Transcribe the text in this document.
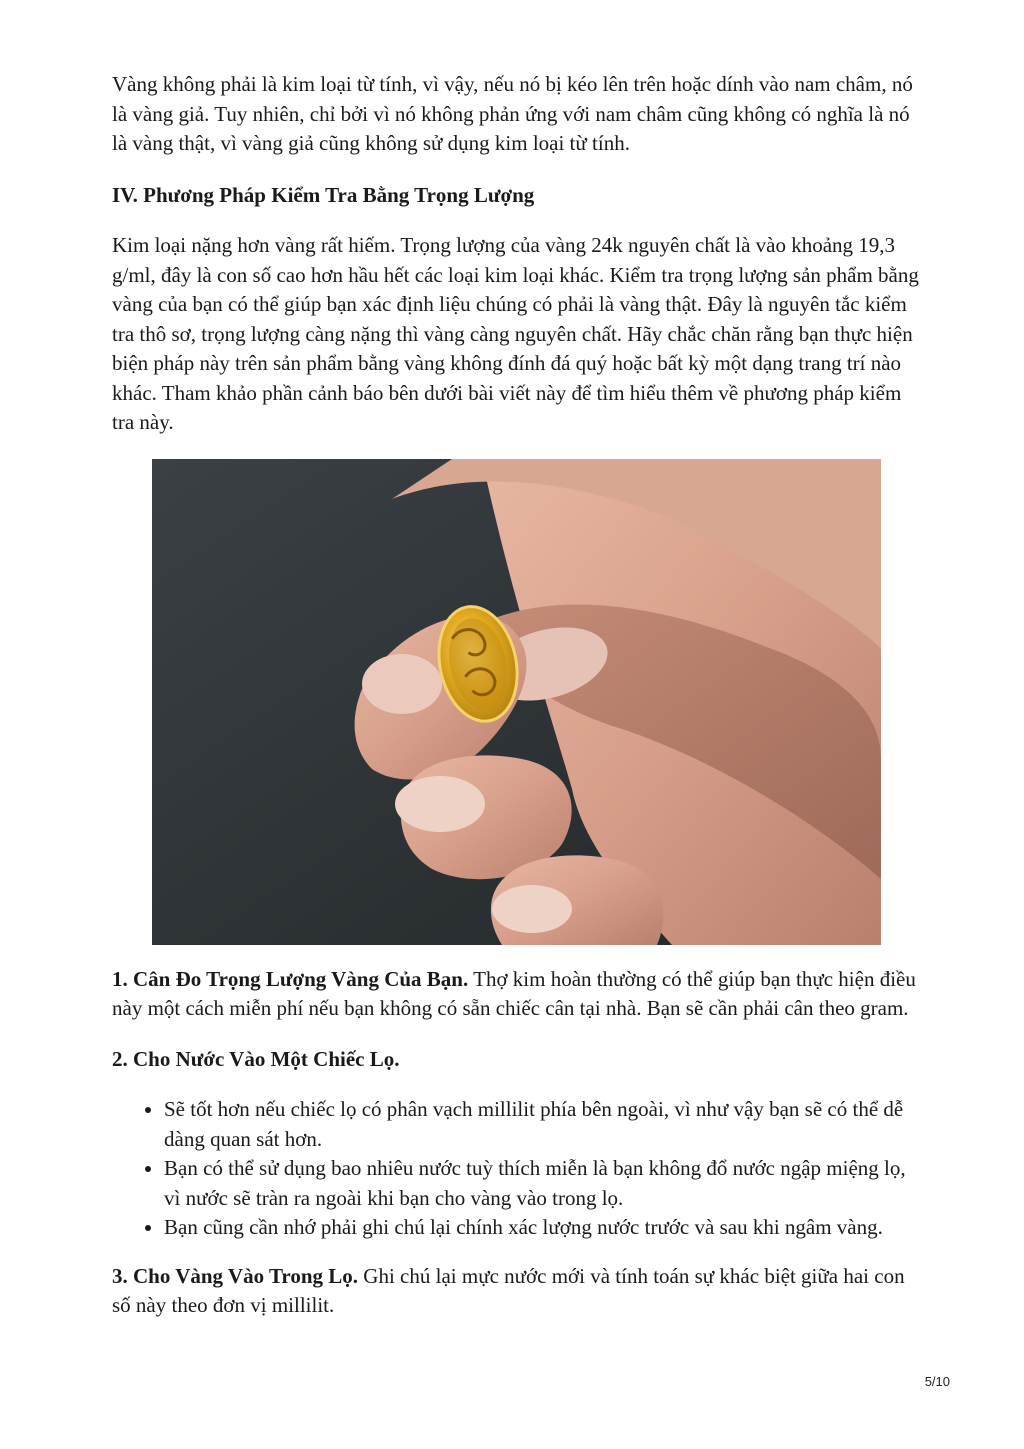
Vàng không phải là kim loại từ tính, vì vậy, nếu nó bị kéo lên trên hoặc dính vào nam châm, nó là vàng giả. Tuy nhiên, chỉ bởi vì nó không phản ứng với nam châm cũng không có nghĩa là nó là vàng thật, vì vàng giả cũng không sử dụng kim loại từ tính.

IV. Phương Pháp Kiểm Tra Bằng Trọng Lượng

Kim loại nặng hơn vàng rất hiếm. Trọng lượng của vàng 24k nguyên chất là vào khoảng 19,3 g/ml, đây là con số cao hơn hầu hết các loại kim loại khác. Kiểm tra trọng lượng sản phẩm bằng vàng của bạn có thể giúp bạn xác định liệu chúng có phải là vàng thật. Đây là nguyên tắc kiểm tra thô sơ, trọng lượng càng nặng thì vàng càng nguyên chất. Hãy chắc chăn rằng bạn thực hiện biện pháp này trên sản phẩm bằng vàng không đính đá quý hoặc bất kỳ một dạng trang trí nào khác. Tham khảo phần cảnh báo bên dưới bài viết này để tìm hiểu thêm về phương pháp kiểm tra này.

1. Cân Đo Trọng Lượng Vàng Của Bạn. Thợ kim hoàn thường có thể giúp bạn thực hiện điều này một cách miễn phí nếu bạn không có sẵn chiếc cân tại nhà. Bạn sẽ cần phải cân theo gram.

2. Cho Nước Vào Một Chiếc Lọ.
• Sẽ tốt hơn nếu chiếc lọ có phân vạch millilit phía bên ngoài, vì như vậy bạn sẽ có thể dễ dàng quan sát hơn.
• Bạn có thể sử dụng bao nhiêu nước tuỳ thích miễn là bạn không đổ nước ngập miệng lọ, vì nước sẽ tràn ra ngoài khi bạn cho vàng vào trong lọ.
• Bạn cũng cần nhớ phải ghi chú lại chính xác lượng nước trước và sau khi ngâm vàng.

3. Cho Vàng Vào Trong Lọ. Ghi chú lại mực nước mới và tính toán sự khác biệt giữa hai con số này theo đơn vị millilit.

5/10
